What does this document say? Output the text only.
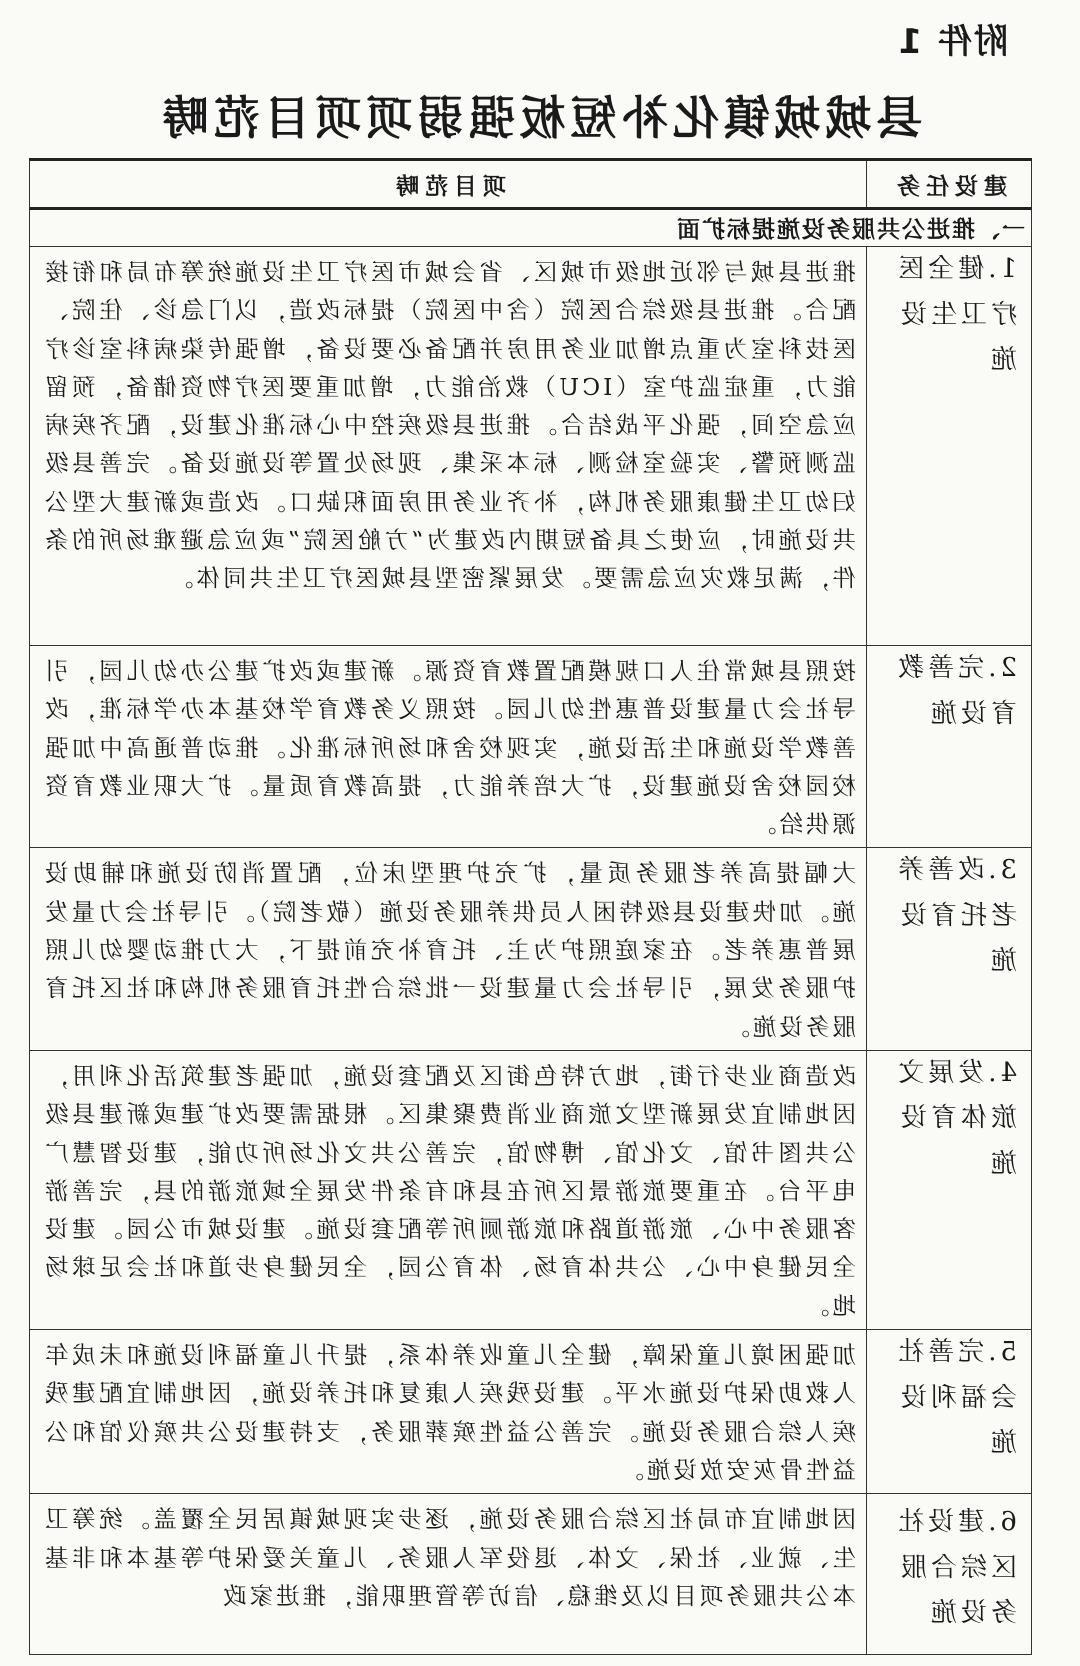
附件 1
县城城镇化补短板强弱项项目范畴
建设任务	项目范畴
一、推进公共服务设施提标扩面	
1.健全医疗卫生设施	推进县城与邻近地级市城区、省会城市医疗卫生设施统筹布局和衔接配合。推进县级综合医院（含中医院）提标改造，以门急诊、住院、医技科室为重点增加业务用房并配备必要设备，增强传染病科室诊疗能力，重症监护室（ICU）救治能力，增加重要医疗物资储备，预留应急空间，强化平战结合。推进县级疾控中心标准化建设，配齐疾病监测预警、实验室检测、标本采集、现场处置等设施设备。完善县级妇幼卫生健康服务机构，补齐业务用房面积缺口。改造或新建大型公共设施时，应使之具备短期内改建为“方舱医院”或应急避难场所的条件，满足救灾应急需要。发展紧密型县城医疗卫生共同体。
2.完善教育设施	按照县城常住人口规模配置教育资源。新建或改扩建公办幼儿园，引导社会力量建设普惠性幼儿园。按照义务教育学校基本办学标准，改善教学设施和生活设施，实现校舍和场所标准化。推动普通高中加强校园校舍设施建设，扩大培养能力，提高教育质量。扩大职业教育资源供给。
3.改善养老托育设施	大幅提高养老服务质量，扩充护理型床位，配置消防设施和辅助设施。加快建设县级特困人员供养服务设施（敬老院）。引导社会力量发展普惠养老。在家庭照护为主、托育补充前提下，大力推动婴幼儿照护服务发展，引导社会力量建设一批综合性托育服务机构和社区托育服务设施。
4.发展文旅体育设施	改造商业步行街，地方特色街区及配套设施，加强老建筑活化利用，因地制宜发展新型文旅商业消费聚集区。根据需要改扩建或新建县级公共图书馆、文化馆、博物馆，完善公共文化场所功能，建设智慧广电平台。在重要旅游景区所在县和有条件发展全域旅游的县，完善游客服务中心、旅游道路和旅游厕所等配套设施。建设城市公园。建设全民健身中心、公共体育场、体育公园，全民健身步道和社会足球场地。
5.完善社会福利设施	加强困境儿童保障，健全儿童收养体系，提升儿童福利设施和未成年人救助保护设施水平。建设残疾人康复和托养设施，因地制宜配建残疾人综合服务设施。完善公益性殡葬服务，支持建设公共殡仪馆和公益性骨灰安放设施。
6.建设社区综合服务设施	因地制宜布局社区综合服务设施，逐步实现城镇居民全覆盖。统筹卫生、就业、社保、文体、退役军人服务、儿童关爱保护等基本和非基本公共服务项目以及维稳、信访等管理职能，推进家政
